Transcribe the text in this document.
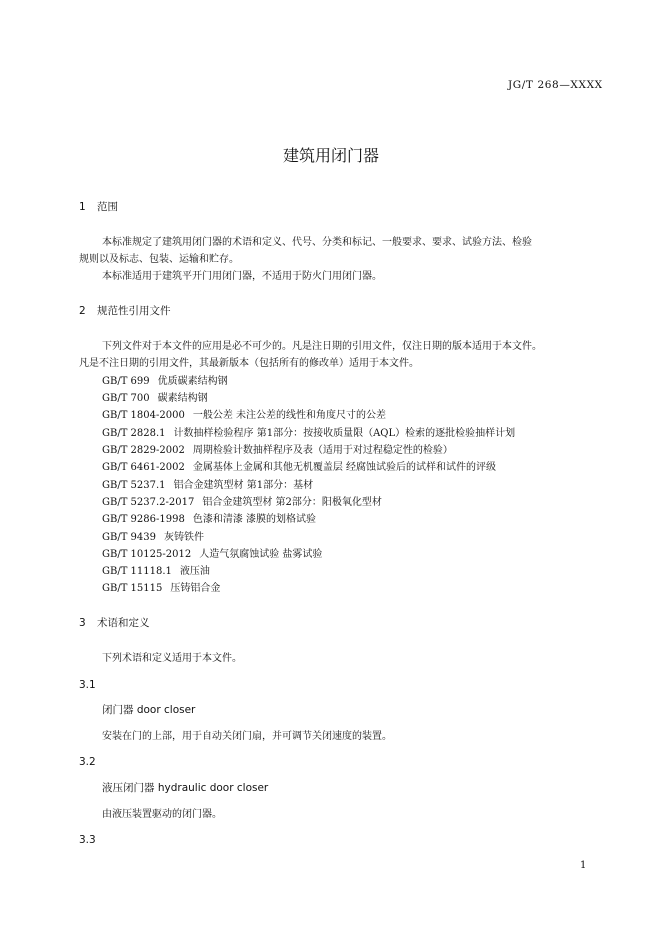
JG/T 268—XXXX
建筑用闭门器
1 范围
本标准规定了建筑用闭门器的术语和定义、代号、分类和标记、一般要求、要求、试验方法、检验
规则以及标志、包装、运输和贮存。
本标准适用于建筑平开门用闭门器，不适用于防火门用闭门器。
2 规范性引用文件
下列文件对于本文件的应用是必不可少的。凡是注日期的引用文件，仅注日期的版本适用于本文件。
凡是不注日期的引用文件，其最新版本（包括所有的修改单）适用于本文件。
GB/T 699 优质碳素结构钢
GB/T 700 碳素结构钢
GB/T 1804-2000 一般公差 未注公差的线性和角度尺寸的公差
GB/T 2828.1 计数抽样检验程序 第1部分：按接收质量限（AQL）检索的逐批检验抽样计划
GB/T 2829-2002 周期检验计数抽样程序及表（适用于对过程稳定性的检验）
GB/T 6461-2002 金属基体上金属和其他无机覆盖层 经腐蚀试验后的试样和试件的评级
GB/T 5237.1 铝合金建筑型材 第1部分：基材
GB/T 5237.2-2017 铝合金建筑型材 第2部分：阳极氧化型材
GB/T 9286-1998 色漆和清漆 漆膜的划格试验
GB/T 9439 灰铸铁件
GB/T 10125-2012 人造气氛腐蚀试验 盐雾试验
GB/T 11118.1 液压油
GB/T 15115 压铸铝合金
3 术语和定义
下列术语和定义适用于本文件。
3.1
闭门器 door closer
安装在门的上部，用于自动关闭门扇，并可调节关闭速度的装置。
3.2
液压闭门器 hydraulic door closer
由液压装置驱动的闭门器。
3.3
1
